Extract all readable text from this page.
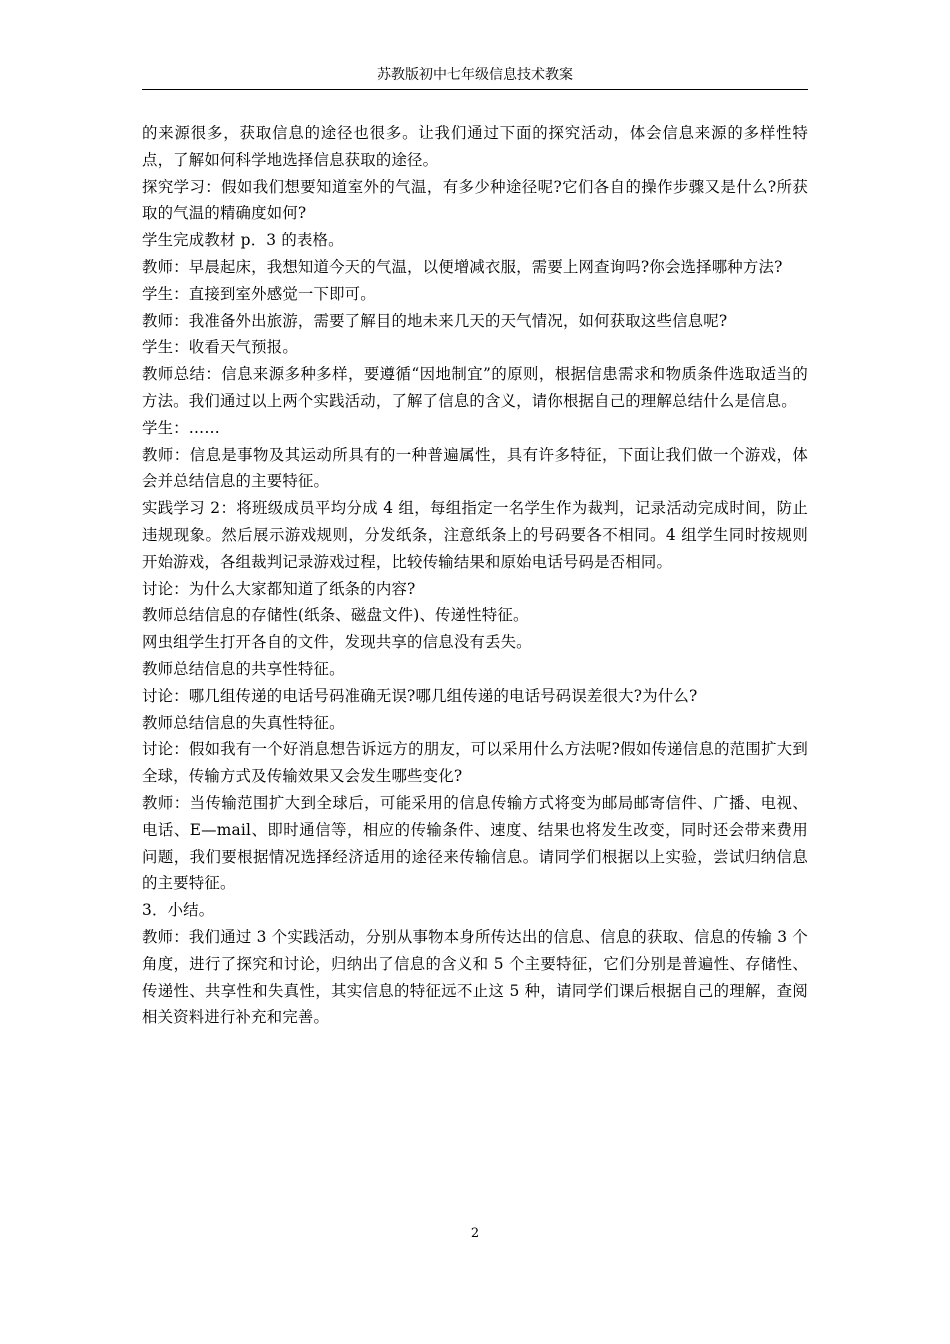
苏教版初中七年级信息技术教案

的来源很多，获取信息的途径也很多。让我们通过下面的探究活动，体会信息来源的多样性特点，了解如何科学地选择信息获取的途径。

探究学习：假如我们想要知道室外的气温，有多少种途径呢?它们各自的操作步骤又是什么?所获取的气温的精确度如何?

学生完成教材 p．3 的表格。

教师：早晨起床，我想知道今天的气温，以便增减衣服，需要上网查询吗?你会选择哪种方法?

学生：直接到室外感觉一下即可。

教师：我准备外出旅游，需要了解目的地未来几天的天气情况，如何获取这些信息呢?

学生：收看天气预报。

教师总结：信息来源多种多样，要遵循“因地制宜”的原则，根据信患需求和物质条件选取适当的方法。我们通过以上两个实践活动，了解了信息的含义，请你根据自己的理解总结什么是信息。

学生：……

教师：信息是事物及其运动所具有的一种普遍属性，具有许多特征，下面让我们做一个游戏，体会并总结信息的主要特征。

实践学习 2：将班级成员平均分成 4 组，每组指定一名学生作为裁判，记录活动完成时间，防止违规现象。然后展示游戏规则，分发纸条，注意纸条上的号码要各不相同。4 组学生同时按规则开始游戏，各组裁判记录游戏过程，比较传输结果和原始电话号码是否相同。

讨论：为什么大家都知道了纸条的内容?

教师总结信息的存储性(纸条、磁盘文件)、传递性特征。

网虫组学生打开各自的文件，发现共享的信息没有丢失。

教师总结信息的共享性特征。

讨论：哪几组传递的电话号码准确无误?哪几组传递的电话号码误差很大?为什么?

教师总结信息的失真性特征。

讨论：假如我有一个好消息想告诉远方的朋友，可以采用什么方法呢?假如传递信息的范围扩大到全球，传输方式及传输效果又会发生哪些变化?

教师：当传输范围扩大到全球后，可能采用的信息传输方式将变为邮局邮寄信件、广播、电视、电话、E—mail、即时通信等，相应的传输条件、速度、结果也将发生改变，同时还会带来费用问题，我们要根据情况选择经济适用的途径来传输信息。请同学们根据以上实验，尝试归纳信息的主要特征。

3．小结。

教师：我们通过 3 个实践活动，分别从事物本身所传达出的信息、信息的获取、信息的传输 3 个角度，进行了探究和讨论，归纳出了信息的含义和 5 个主要特征，它们分别是普遍性、存储性、传递性、共享性和失真性，其实信息的特征远不止这 5 种，请同学们课后根据自己的理解，查阅相关资料进行补充和完善。

2
